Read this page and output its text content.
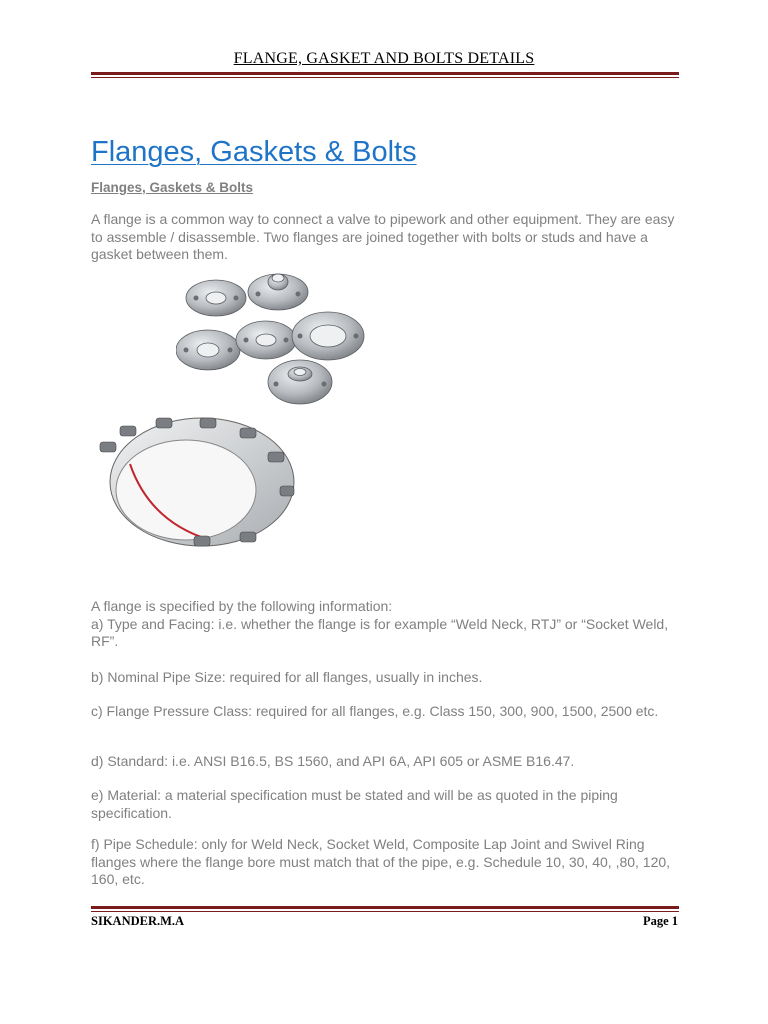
FLANGE, GASKET AND BOLTS DETAILS
Flanges, Gaskets & Bolts
Flanges, Gaskets & Bolts

A flange is a common way to connect a valve to pipework and other equipment. They are easy to assemble / disassemble. Two flanges are joined together with bolts or studs and have a gasket between them.

A flange is specified by the following information:
a) Type and Facing: i.e. whether the flange is for example “Weld Neck, RTJ” or “Socket Weld, RF”.

b) Nominal Pipe Size: required for all flanges, usually in inches.

c) Flange Pressure Class: required for all flanges, e.g. Class 150, 300, 900, 1500, 2500 etc.

d) Standard: i.e. ANSI B16.5, BS 1560, and API 6A, API 605 or ASME B16.47.

e) Material: a material specification must be stated and will be as quoted in the piping specification.

f) Pipe Schedule: only for Weld Neck, Socket Weld, Composite Lap Joint and Swivel Ring flanges where the flange bore must match that of the pipe, e.g. Schedule 10, 30, 40, ,80, 120, 160, etc.

SIKANDER.M.A	Page 1
